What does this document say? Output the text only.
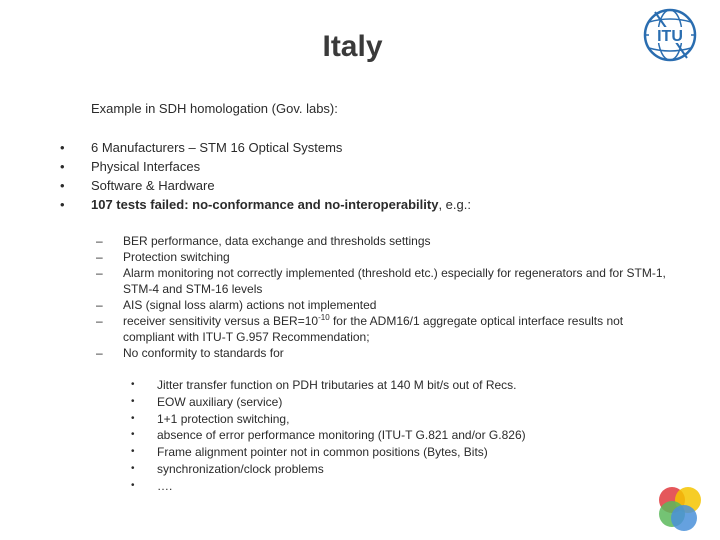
Italy	ITU
Example in SDH homologation (Gov. labs):
•	6 Manufacturers – STM 16 Optical Systems
•	Physical Interfaces
•	Software & Hardware
•	107 tests failed: no-conformance and no-interoperability, e.g.:
– BER performance, data exchange and thresholds settings
– Protection switching
– Alarm monitoring not correctly implemented (threshold etc.) especially for regenerators and for STM-1, STM-4 and STM-16 levels
– AIS (signal loss alarm) actions not implemented
– receiver sensitivity versus a $BER=10^{-10}$ for the ADM16/1 aggregate optical interface results not compliant with ITU-T G.957 Recommendation;
– No conformity to standards for
• Jitter transfer function on PDH tributaries at 140 M bit/s out of Recs.
• EOW auxiliary (service)
• 1+1 protection switching,
• absence of error performance monitoring (ITU-T G.821 and/or G.826)
• Frame alignment pointer not in common positions (Bytes, Bits)
• synchronization/clock problems
• ….
